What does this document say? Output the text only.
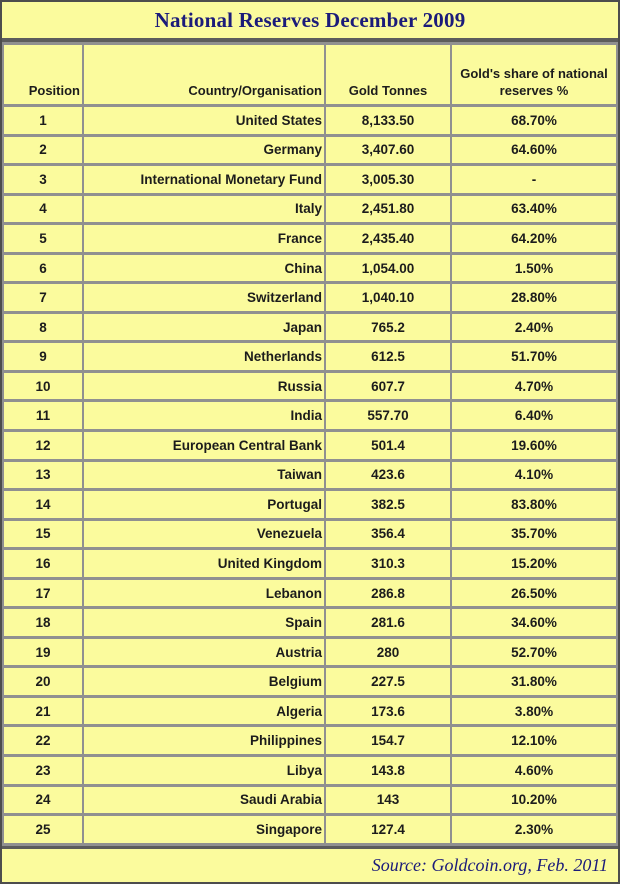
National Reserves December 2009
Position	Country/Organisation	Gold Tonnes	Gold's share of national reserves %
1	United States	8,133.50	68.70%
2	Germany	3,407.60	64.60%
3	International Monetary Fund	3,005.30	-
4	Italy	2,451.80	63.40%
5	France	2,435.40	64.20%
6	China	1,054.00	1.50%
7	Switzerland	1,040.10	28.80%
8	Japan	765.2	2.40%
9	Netherlands	612.5	51.70%
10	Russia	607.7	4.70%
11	India	557.70	6.40%
12	European Central Bank	501.4	19.60%
13	Taiwan	423.6	4.10%
14	Portugal	382.5	83.80%
15	Venezuela	356.4	35.70%
16	United Kingdom	310.3	15.20%
17	Lebanon	286.8	26.50%
18	Spain	281.6	34.60%
19	Austria	280	52.70%
20	Belgium	227.5	31.80%
21	Algeria	173.6	3.80%
22	Philippines	154.7	12.10%
23	Libya	143.8	4.60%
24	Saudi Arabia	143	10.20%
25	Singapore	127.4	2.30%
Source: Goldcoin.org, Feb. 2011
